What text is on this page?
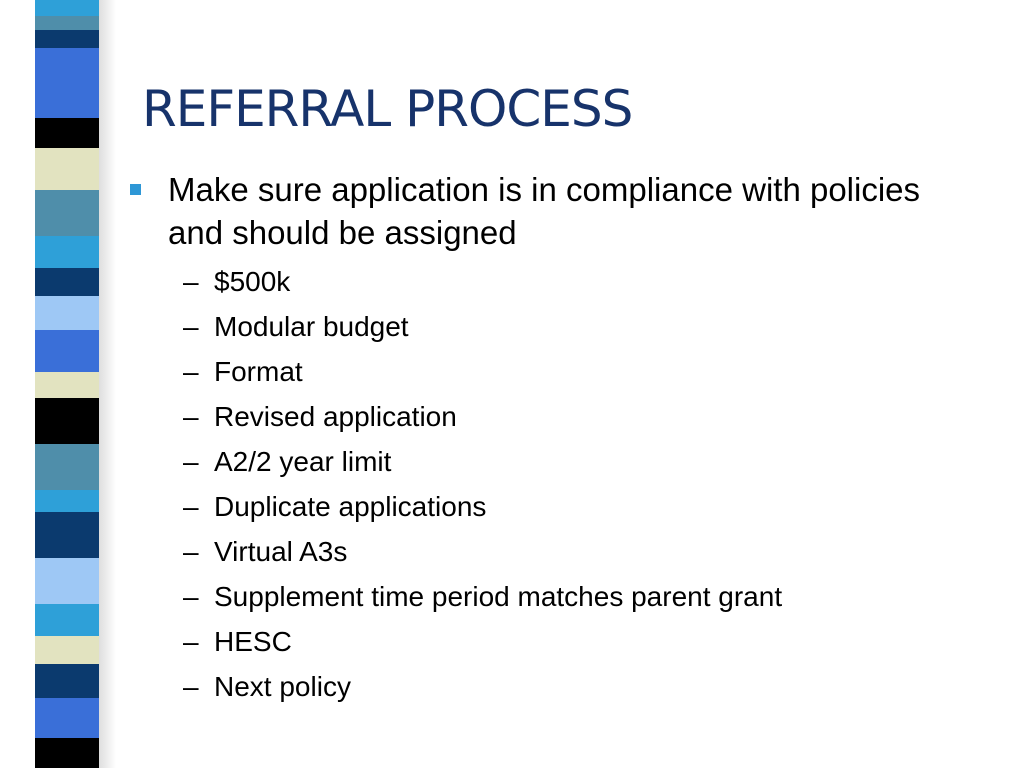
REFERRAL PROCESS

Make sure application is in compliance with policies and should be assigned

– $500k
– Modular budget
– Format
– Revised application
– A2/2 year limit
– Duplicate applications
– Virtual A3s
– Supplement time period matches parent grant
– HESC
– Next policy
